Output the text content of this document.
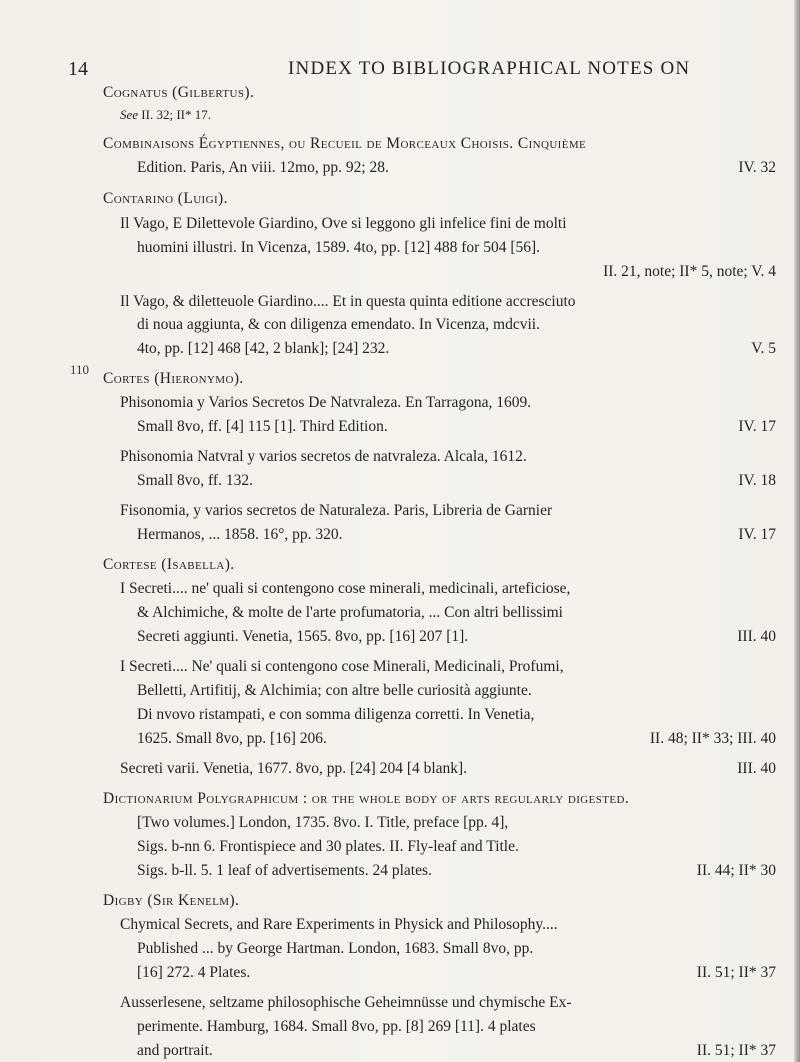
14	INDEX TO BIBLIOGRAPHICAL NOTES ON
110
Cognatus (Gilbertus).
See II. 32; II* 17.
Combinaisons Égyptiennes, ou Recueil de Morceaux Choisis. Cinquième
Edition. Paris, An viii. 12mo, pp. 92; 28.	IV. 32
Contarino (Luigi).
Il Vago, E Dilettevole Giardino, Ove si leggono gli infelice fini de molti
huomini illustri. In Vicenza, 1589. 4to, pp. [12] 488 for 504 [56].
II. 21, note; II* 5, note; V. 4
Il Vago, & diletteuole Giardino.... Et in questa quinta editione accresciuto
di noua aggiunta, & con diligenza emendato. In Vicenza, mdcvii.
4to, pp. [12] 468 [42, 2 blank]; [24] 232.	V. 5
Cortes (Hieronymo).
Phisonomia y Varios Secretos De Natvraleza. En Tarragona, 1609.
Small 8vo, ff. [4] 115 [1]. Third Edition.	IV. 17
Phisonomia Natvral y varios secretos de natvraleza. Alcala, 1612.
Small 8vo, ff. 132.	IV. 18
Fisonomia, y varios secretos de Naturaleza. Paris, Libreria de Garnier
Hermanos, ... 1858. 16°, pp. 320.	IV. 17
Cortese (Isabella).
I Secreti.... ne' quali si contengono cose minerali, medicinali, arteficiose,
& Alchimiche, & molte de l'arte profumatoria, ... Con altri bellissimi
Secreti aggiunti. Venetia, 1565. 8vo, pp. [16] 207 [1].	III. 40
I Secreti.... Ne' quali si contengono cose Minerali, Medicinali, Profumi,
Belletti, Artifitij, & Alchimia; con altre belle curiosità aggiunte.
Di nvovo ristampati, e con somma diligenza corretti. In Venetia,
1625. Small 8vo, pp. [16] 206.	II. 48; II* 33; III. 40
Secreti varii. Venetia, 1677. 8vo, pp. [24] 204 [4 blank].	III. 40
Dictionarium Polygraphicum : or the whole body of arts regularly digested.
[Two volumes.] London, 1735. 8vo. I. Title, preface [pp. 4],
Sigs. b-nn 6. Frontispiece and 30 plates. II. Fly-leaf and Title.
Sigs. b-ll. 5. 1 leaf of advertisements. 24 plates.	II. 44; II* 30
Digby (Sir Kenelm).
Chymical Secrets, and Rare Experiments in Physick and Philosophy....
Published ... by George Hartman. London, 1683. Small 8vo, pp.
[16] 272. 4 Plates.	II. 51; II* 37
Ausserlesene, seltzame philosophische Geheimnüsse und chymische Ex-
perimente. Hamburg, 1684. Small 8vo, pp. [8] 269 [11]. 4 plates
and portrait.	II. 51; II* 37
